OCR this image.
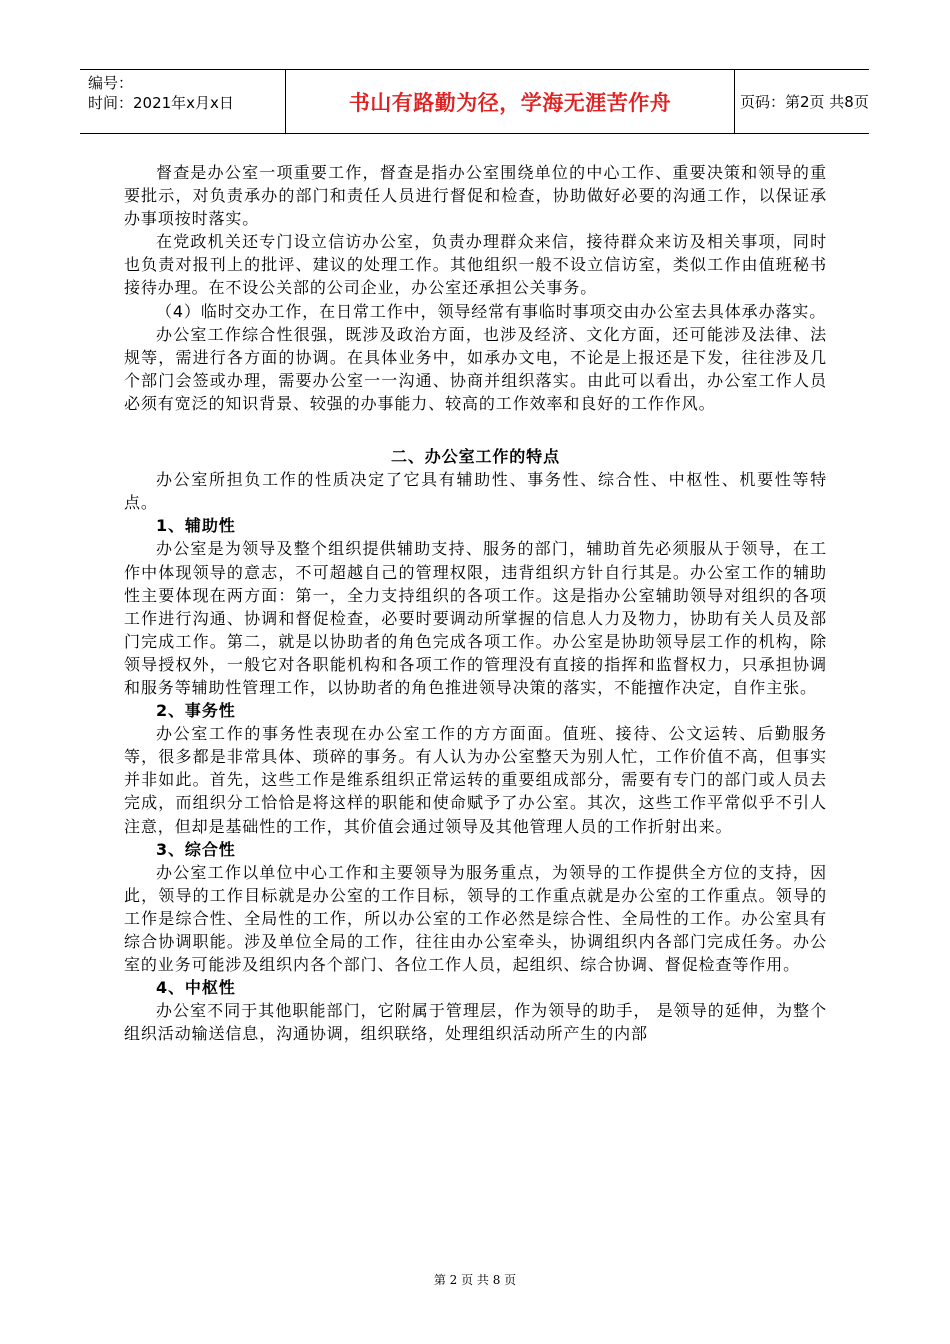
编号：
时间：2021年x月x日	书山有路勤为径，学海无涯苦作舟	页码：第2页 共8页

督查是办公室一项重要工作，督查是指办公室围绕单位的中心工作、重要决策和领导的重要批示，对负责承办的部门和责任人员进行督促和检查，协助做好必要的沟通工作，以保证承办事项按时落实。

在党政机关还专门设立信访办公室，负责办理群众来信，接待群众来访及相关事项，同时也负责对报刊上的批评、建议的处理工作。其他组织一般不设立信访室，类似工作由值班秘书接待办理。在不设公关部的公司企业，办公室还承担公关事务。

（4）临时交办工作，在日常工作中，领导经常有事临时事项交由办公室去具体承办落实。

办公室工作综合性很强，既涉及政治方面，也涉及经济、文化方面，还可能涉及法律、法规等，需进行各方面的协调。在具体业务中，如承办文电，不论是上报还是下发，往往涉及几个部门会签或办理，需要办公室一一沟通、协商并组织落实。由此可以看出，办公室工作人员必须有宽泛的知识背景、较强的办事能力、较高的工作效率和良好的工作作风。

二、办公室工作的特点

办公室所担负工作的性质决定了它具有辅助性、事务性、综合性、中枢性、机要性等特点。

1、辅助性

办公室是为领导及整个组织提供辅助支持、服务的部门，辅助首先必须服从于领导，在工作中体现领导的意志，不可超越自己的管理权限，违背组织方针自行其是。办公室工作的辅助性主要体现在两方面：第一，全力支持组织的各项工作。这是指办公室辅助领导对组织的各项工作进行沟通、协调和督促检查，必要时要调动所掌握的信息人力及物力，协助有关人员及部门完成工作。第二，就是以协助者的角色完成各项工作。办公室是协助领导层工作的机构，除领导授权外，一般它对各职能机构和各项工作的管理没有直接的指挥和监督权力，只承担协调和服务等辅助性管理工作，以协助者的角色推进领导决策的落实，不能擅作决定，自作主张。

2、事务性

办公室工作的事务性表现在办公室工作的方方面面。值班、接待、公文运转、后勤服务等，很多都是非常具体、琐碎的事务。有人认为办公室整天为别人忙，工作价值不高，但事实并非如此。首先，这些工作是维系组织正常运转的重要组成部分，需要有专门的部门或人员去完成，而组织分工恰恰是将这样的职能和使命赋予了办公室。其次，这些工作平常似乎不引人注意，但却是基础性的工作，其价值会通过领导及其他管理人员的工作折射出来。

3、综合性

办公室工作以单位中心工作和主要领导为服务重点，为领导的工作提供全方位的支持，因此，领导的工作目标就是办公室的工作目标，领导的工作重点就是办公室的工作重点。领导的工作是综合性、全局性的工作，所以办公室的工作必然是综合性、全局性的工作。办公室具有综合协调职能。涉及单位全局的工作，往往由办公室牵头，协调组织内各部门完成任务。办公室的业务可能涉及组织内各个部门、各位工作人员，起组织、综合协调、督促检查等作用。

4、中枢性

办公室不同于其他职能部门，它附属于管理层，作为领导的助手， 是领导的延伸，为整个组织活动输送信息，沟通协调，组织联络，处理组织活动所产生的内部

第 2 页 共 8 页
